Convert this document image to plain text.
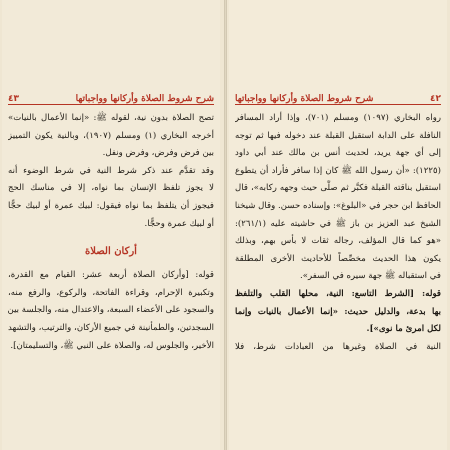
شرح شروط الصلاة وأركانها وواجباتها
٤٣
تصح الصلاة بدون نية، لقوله ﷺ: «إنما الأعمال بالنيات»
أخرجه البخاري (١) ومسلم (١٩٠٧)، وبالنية يكون التمييز
بين فرض وفرض، وفرض ونفل.
وقد تقدَّم عند ذكر شرط النية في شرط الوضوء أنه
لا يجوز تلفظ الإنسان بما نواه، إلا في مناسك الحج
فيجوز أن يتلفظ بما نواه فيقول: لبيك عمرة أو لبيك حجًّا
أو لبيك عمرة وحجًّا.
أركان الصلاة
قوله: [وأركان الصلاة أربعة عشر: القيام مع القدرة،
وتكبيرة الإحرام، وقراءة الفاتحة، والركوع، والرفع منه،
والسجود على الأعضاء السبعة، والاعتدال منه، والجلسة بين
السجدتين، والطمأنينة في جميع الأركان، والترتيب، والتشهد
الأخير، والجلوس له، والصلاة على النبي ﷺ، والتسليمتان].
٤٢
شرح شروط الصلاة وأركانها وواجباتها
رواه البخاري (١٠٩٧) ومسلم (٧٠١)، وإذا أراد المسافر
النافلة على الدابة استقبل القبلة عند دخوله فيها ثم توجه
إلى أي جهة يريد، لحديث أنس بن مالك عند أبي داود
(١٢٢٥): «أن رسول الله ﷺ كان إذا سافر فأراد أن يتطوع
استقبل بناقته القبلة فكبَّر ثم صلَّى حيث وجهه ركابه»، قال
الحافظ ابن حجر في «البلوغ»: وإسناده حسن. وقال شيخنا
الشيخ عبد العزيز بن باز ﷺ في حاشيته عليه (٢٦١/١):
«هو كما قال المؤلف، رجاله ثقات لا بأس بهم، وبذلك
يكون هذا الحديث مخصِّصاً للأحاديث الأخرى المطلقة
في استقباله ﷺ جهة سيره في السفر».
قوله: [الشرط التاسع: النية، محلها القلب والتلفظ
بها بدعة، والدليل حديث: «إنما الأعمال بالنيات وإنما
لكل امرئ ما نوى»].
النية في الصلاة وغيرها من العبادات شرط، فلا
